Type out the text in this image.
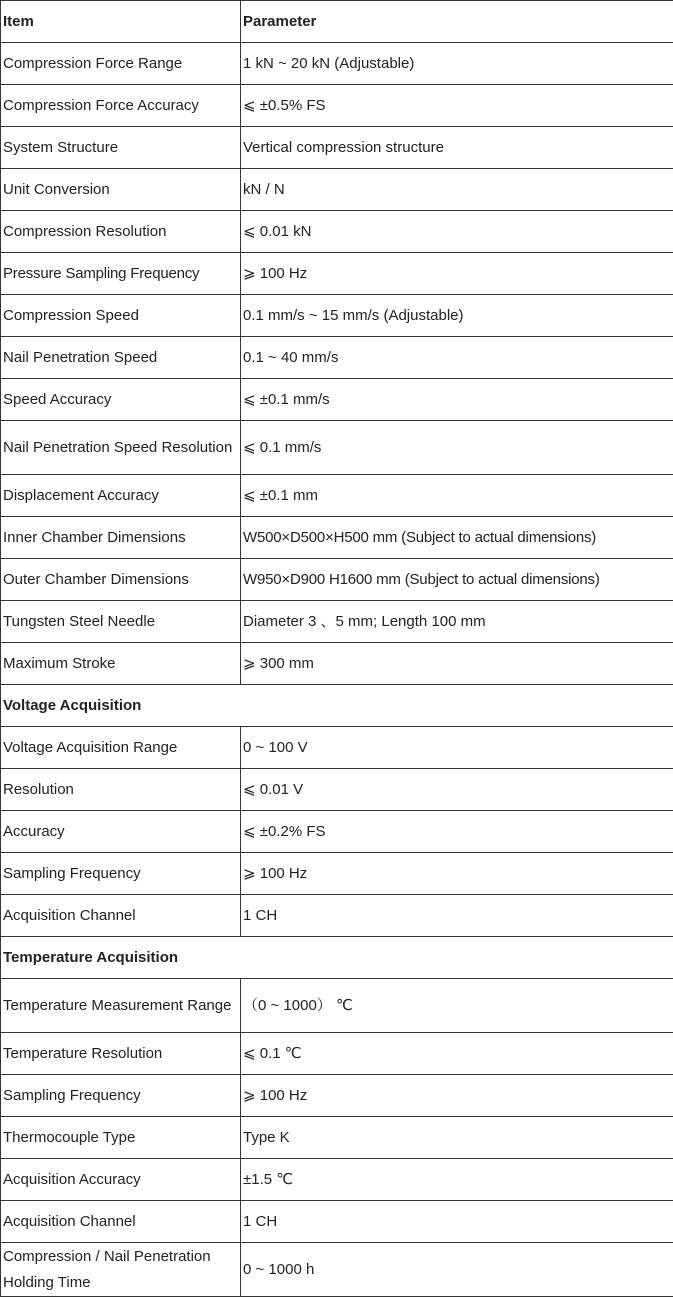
Item	Parameter
Compression Force Range	1 kN ~ 20 kN (Adjustable)
Compression Force Accuracy	⩽ ±0.5% FS
System Structure	Vertical compression structure
Unit Conversion	kN / N
Compression Resolution	⩽ 0.01 kN
Pressure Sampling Frequency	⩾ 100 Hz
Compression Speed	0.1 mm/s ~ 15 mm/s (Adjustable)
Nail Penetration Speed	0.1 ~ 40 mm/s
Speed Accuracy	⩽ ±0.1 mm/s
Nail Penetration Speed Resolution	⩽ 0.1 mm/s
Displacement Accuracy	⩽ ±0.1 mm
Inner Chamber Dimensions	W500×D500×H500 mm (Subject to actual dimensions)
Outer Chamber Dimensions	W950×D900 H1600 mm (Subject to actual dimensions)
Tungsten Steel Needle	Diameter 3 、5 mm; Length 100 mm
Maximum Stroke	⩾ 300 mm
Voltage Acquisition	
Voltage Acquisition Range	0 ~ 100 V
Resolution	⩽ 0.01 V
Accuracy	⩽ ±0.2% FS
Sampling Frequency	⩾ 100 Hz
Acquisition Channel	1 CH
Temperature Acquisition	
Temperature Measurement Range	（0 ~ 1000） ℃
Temperature Resolution	⩽ 0.1 ℃
Sampling Frequency	⩾ 100 Hz
Thermocouple Type	Type K
Acquisition Accuracy	±1.5 ℃
Acquisition Channel	1 CH
Compression / Nail Penetration Holding Time	0 ~ 1000 h
